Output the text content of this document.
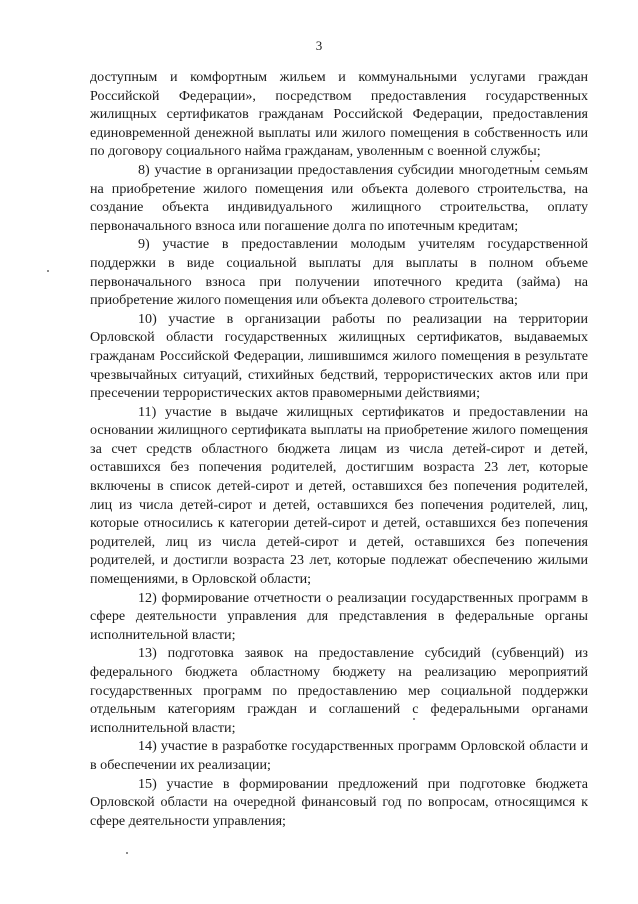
3

доступным и комфортным жильем и коммунальными услугами граждан Российской Федерации», посредством предоставления государственных жилищных сертификатов гражданам Российской Федерации, предоставления единовременной денежной выплаты или жилого помещения в собственность или по договору социального найма гражданам, уволенным с военной службы;

8) участие в организации предоставления субсидии многодетным семьям на приобретение жилого помещения или объекта долевого строительства, на создание объекта индивидуального жилищного строительства, оплату первоначального взноса или погашение долга по ипотечным кредитам;

9) участие в предоставлении молодым учителям государственной поддержки в виде социальной выплаты для выплаты в полном объеме первоначального взноса при получении ипотечного кредита (займа) на приобретение жилого помещения или объекта долевого строительства;

10) участие в организации работы по реализации на территории Орловской области государственных жилищных сертификатов, выдаваемых гражданам Российской Федерации, лишившимся жилого помещения в результате чрезвычайных ситуаций, стихийных бедствий, террористических актов или при пресечении террористических актов правомерными действиями;

11) участие в выдаче жилищных сертификатов и предоставлении на основании жилищного сертификата выплаты на приобретение жилого помещения за счет средств областного бюджета лицам из числа детей-сирот и детей, оставшихся без попечения родителей, достигшим возраста 23 лет, которые включены в список детей-сирот и детей, оставшихся без попечения родителей, лиц из числа детей-сирот и детей, оставшихся без попечения родителей, лиц, которые относились к категории детей-сирот и детей, оставшихся без попечения родителей, лиц из числа детей-сирот и детей, оставшихся без попечения родителей, и достигли возраста 23 лет, которые подлежат обеспечению жилыми помещениями, в Орловской области;

12) формирование отчетности о реализации государственных программ в сфере деятельности управления для представления в федеральные органы исполнительной власти;

13) подготовка заявок на предоставление субсидий (субвенций) из федерального бюджета областному бюджету на реализацию мероприятий государственных программ по предоставлению мер социальной поддержки отдельным категориям граждан и соглашений с федеральными органами исполнительной власти;

14) участие в разработке государственных программ Орловской области и в обеспечении их реализации;

15) участие в формировании предложений при подготовке бюджета Орловской области на очередной финансовый год по вопросам, относящимся к сфере деятельности управления;
